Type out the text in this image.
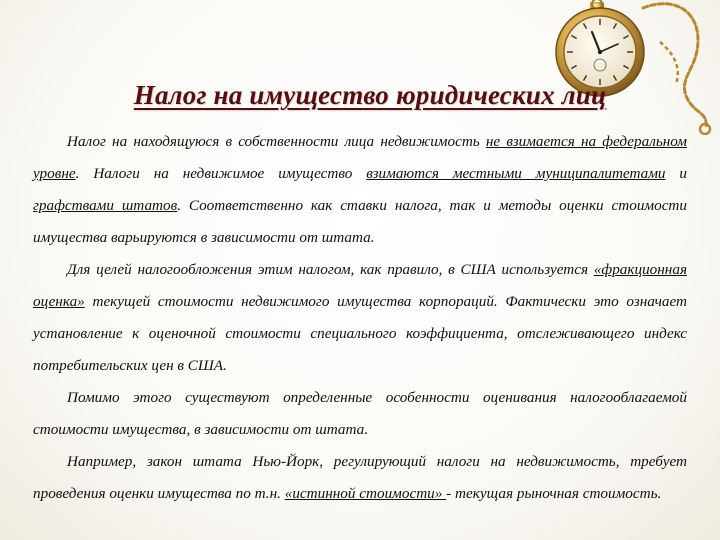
Налог на имущество юридических лиц

Налог на находящуюся в собственности лица недвижимость не взимается на федеральном уровне. Налоги на недвижимое имущество взимаются местными муниципалитетами и графствами штатов. Соответственно как ставки налога, так и методы оценки стоимости имущества варьируются в зависимости от штата.

Для целей налогообложения этим налогом, как правило, в США используется «фракционная оценка» текущей стоимости недвижимого имущества корпораций. Фактически это означает установление к оценочной стоимости специального коэффициента, отслеживающего индекс потребительских цен в США.

Помимо этого существуют определенные особенности оценивания налогооблагаемой стоимости имущества, в зависимости от штата.

Например, закон штата Нью-Йорк, регулирующий налоги на недвижимость, требует проведения оценки имущества по т.н. «истинной стоимости» - текущая рыночная стоимость.
